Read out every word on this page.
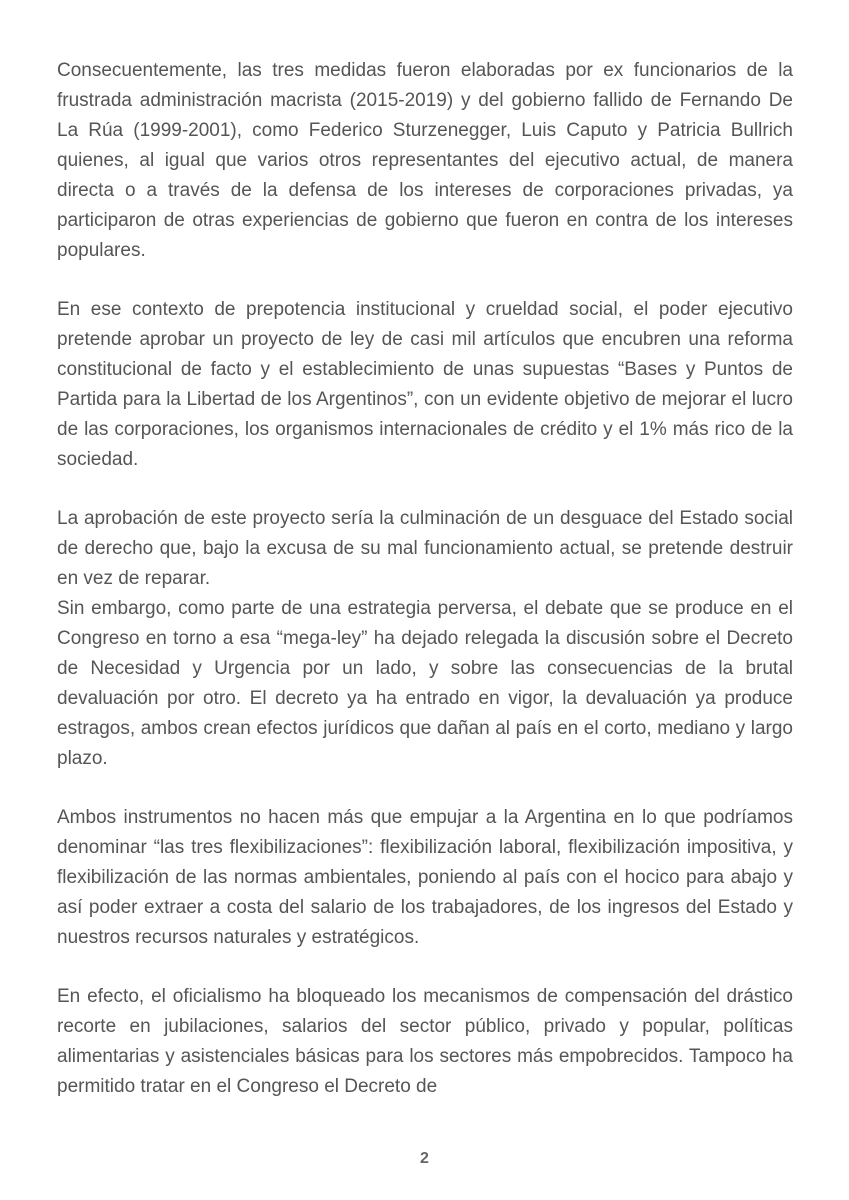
Consecuentemente, las tres medidas fueron elaboradas por ex funcionarios de la frustrada administración macrista (2015-2019) y del gobierno fallido de Fernando De La Rúa (1999-2001), como Federico Sturzenegger, Luis Caputo y Patricia Bullrich quienes, al igual que varios otros representantes del ejecutivo actual, de manera directa o a través de la defensa de los intereses de corporaciones privadas, ya participaron de otras experiencias de gobierno que fueron en contra de los intereses populares.

En ese contexto de prepotencia institucional y crueldad social, el poder ejecutivo pretende aprobar un proyecto de ley de casi mil artículos que encubren una reforma constitucional de facto y el establecimiento de unas supuestas “Bases y Puntos de Partida para la Libertad de los Argentinos”, con un evidente objetivo de mejorar el lucro de las corporaciones, los organismos internacionales de crédito y el 1% más rico de la sociedad.

La aprobación de este proyecto sería la culminación de un desguace del Estado social de derecho que, bajo la excusa de su mal funcionamiento actual, se pretende destruir en vez de reparar.

Sin embargo, como parte de una estrategia perversa, el debate que se produce en el Congreso en torno a esa “mega-ley” ha dejado relegada la discusión sobre el Decreto de Necesidad y Urgencia por un lado, y sobre las consecuencias de la brutal devaluación por otro. El decreto ya ha entrado en vigor, la devaluación ya produce estragos, ambos crean efectos jurídicos que dañan al país en el corto, mediano y largo plazo.

Ambos instrumentos no hacen más que empujar a la Argentina en lo que podríamos denominar “las tres flexibilizaciones”: flexibilización laboral, flexibilización impositiva, y flexibilización de las normas ambientales, poniendo al país con el hocico para abajo y así poder extraer a costa del salario de los trabajadores, de los ingresos del Estado y nuestros recursos naturales y estratégicos.

En efecto, el oficialismo ha bloqueado los mecanismos de compensación del drástico recorte en jubilaciones, salarios del sector público, privado y popular, políticas alimentarias y asistenciales básicas para los sectores más empobrecidos. Tampoco ha permitido tratar en el Congreso el Decreto de

2
